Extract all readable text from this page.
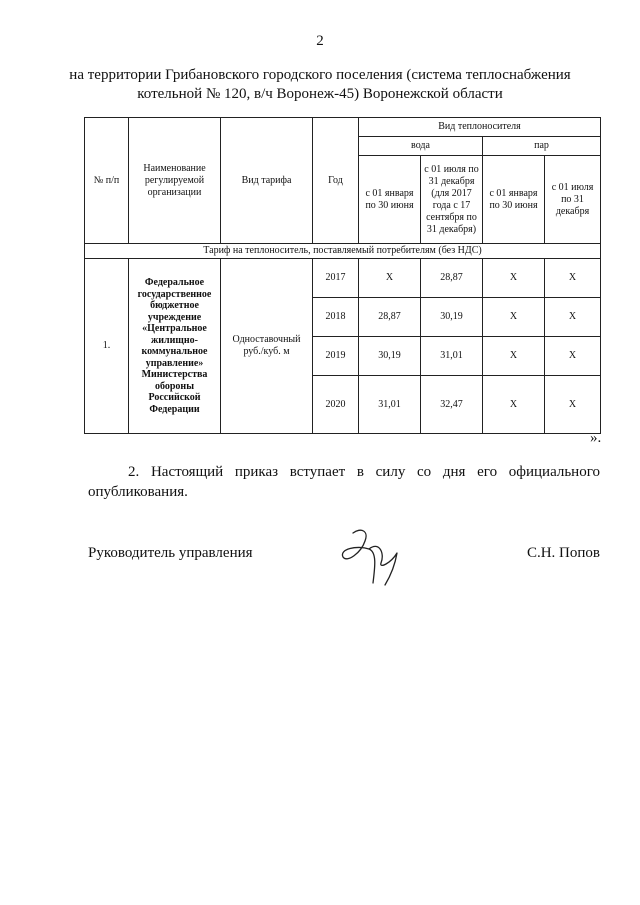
2
на территории Грибановского городского поселения (система теплоснабжения
котельной № 120, в/ч Воронеж-45) Воронежской области
№ п/п	Наименование регулируемой организации	Вид тарифа	Год	Вид теплоносителя			
				вода		пар	
				с 01 января по 30 июня	с 01 июля по 31 декабря (для 2017 года с 17 сентября по 31 декабря)	с 01 января по 30 июня	с 01 июля по 31 декабря
Тариф на теплоноситель, поставляемый потребителям (без НДС)							
1.	Федеральное государственное бюджетное учреждение «Центральное жилищно-коммунальное управление» Министерства обороны Российской Федерации	Одноставочный руб./куб. м	2017	Х	28,87	Х	Х
			2018	28,87	30,19	Х	Х
			2019	30,19	31,01	Х	Х
			2020	31,01	32,47	Х	Х
».
2. Настоящий приказ вступает в силу со дня его официального опубликования.
Руководитель управления	С.Н. Попов
